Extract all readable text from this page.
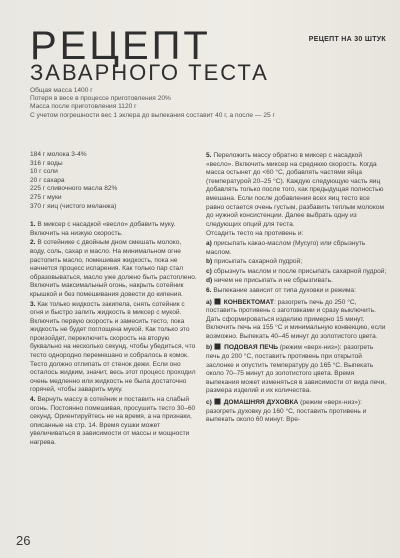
РЕЦЕПТ
ЗАВАРНОГО ТЕСТА
РЕЦЕПТ НА 30 ШТУК
Общая масса 1400 г
Потеря в весе в процессе приготовления 20%
Масса после приготовления 1120 г
С учетом погрешности вес 1 эклера до выпекания составит 40 г, а после — 25 г
184 г молока 3-4%
316 г воды
10 г соли
20 г сахара
225 г сливочного масла 82%
275 г муки
370 г яиц (чистого меланжа)
1. В миксер с насадкой «весло» добавить муку. Включить на низкую скорость.
2. В сотейнике с двойным дном смешать молоко, воду, соль, сахар и масло. На минимальном огне растопить масло, помешивая жидкость, пока не начнется процесс испарения. Как только пар стал образовываться, масло уже должно быть растоплено. Включить максимальный огонь, накрыть сотейник крышкой и без помешивания довести до кипения.
3. Как только жидкость закипела, снять сотейник с огня и быстро залить жидкость в миксер с мукой. Включить первую скорость и замесить тесто, пока жидкость не будет поглощена мукой. Как только это произойдет, переключить скорость на вторую буквально на несколько секунд, чтобы убедиться, что тесто однородно перемешано и собралось в комок. Тесто должно отлипать от стенок дежи. Если оно осталось жидким, значит, весь этот процесс проходил очень медленно или жидкость не была достаточно горячей, чтобы заварить муку.
4. Вернуть массу в сотейник и поставить на слабый огонь. Постоянно помешивая, просушить тесто 30–60 секунд. Ориентируйтесь не на время, а на признаки, описанные на стр. 14. Время сушки может увеличиваться в зависимости от массы и мощности нагрева.
5. Переложить массу обратно в миксер с насадкой «весло». Включить миксер на среднюю скорость. Когда масса остынет до <60 °C, добавлять частями яйца (температурой 20–25 °C). Каждую следующую часть яиц добавлять только после того, как предыдущая полностью вмешана. Если после добавления всех яиц тесто все равно остается очень густым, разбавить теплым молоком до нужной консистенции. Далее выбрать одну из следующих опций для теста.
Отсадить тесто на противень и:
a) присыпать какао-маслом (Мусуго) или сбрызнуть маслом.
b) присыпать сахарной пудрой;
c) сбрызнуть маслом и после присыпать сахарной пудрой;
d) ничем не присыпать и не сбрызгивать.
6. Выпекание зависит от типа духовки и режима:
a) КОНВЕКТОМАТ: разогреть печь до 250 °C, поставить противень с заготовками и сразу выключить. Дать сформироваться изделию примерно 15 минут. Включить печь на 155 °C и минимальную конвекцию, если возможно. Выпекать 40–45 минут до золотистого цвета.
b) ПОДОВАЯ ПЕЧЬ (режим «верх-низ»): разогреть печь до 200 °C, поставить противень при открытой заслонке и опустить температуру до 165 °C. Выпекать около 70–75 минут до золотистого цвета. Время выпекания может изменяться в зависимости от вида печи, размера изделий и их количества.
c) ДОМАШНЯЯ ДУХОВКА (режим «верх-низ»): разогреть духовку до 160 °C, поставить противень и выпекать около 60 минут. Вре-
26
